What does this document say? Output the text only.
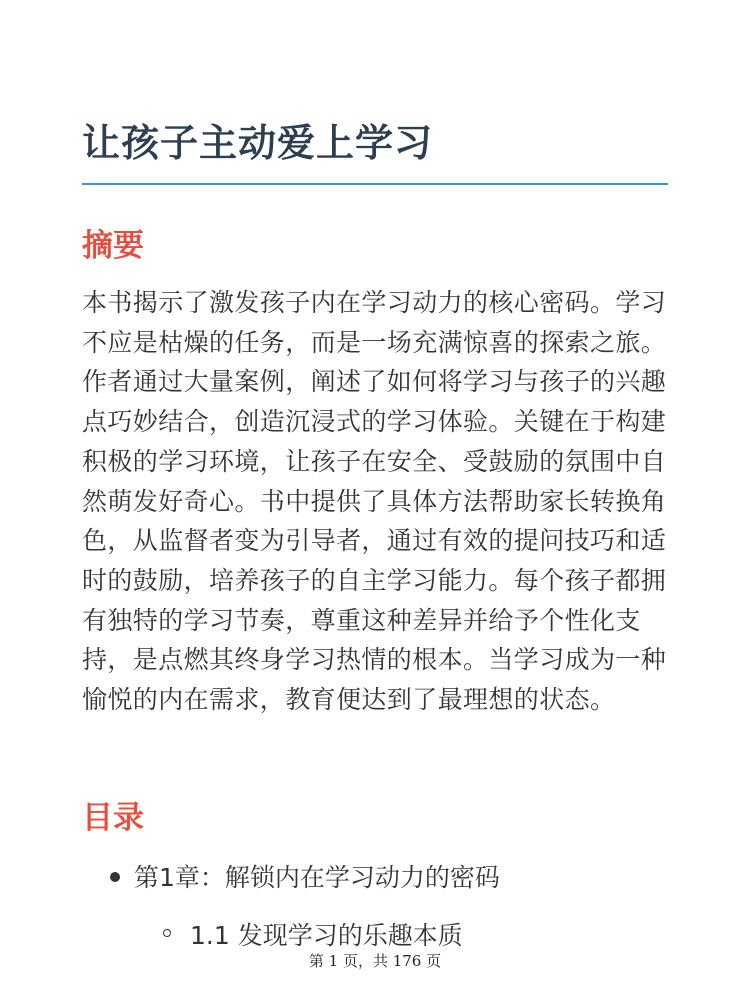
让孩子主动爱上学习
摘要

本书揭示了激发孩子内在学习动力的核心密码。学习不应是枯燥的任务，而是一场充满惊喜的探索之旅。作者通过大量案例，阐述了如何将学习与孩子的兴趣点巧妙结合，创造沉浸式的学习体验。关键在于构建积极的学习环境，让孩子在安全、受鼓励的氛围中自然萌发好奇心。书中提供了具体方法帮助家长转换角色，从监督者变为引导者，通过有效的提问技巧和适时的鼓励，培养孩子的自主学习能力。每个孩子都拥有独特的学习节奏，尊重这种差异并给予个性化支持，是点燃其终身学习热情的根本。当学习成为一种愉悦的内在需求，教育便达到了最理想的状态。

目录
第1章：解锁内在学习动力的密码
1.1 发现学习的乐趣本质
第 1 页，共 176 页
